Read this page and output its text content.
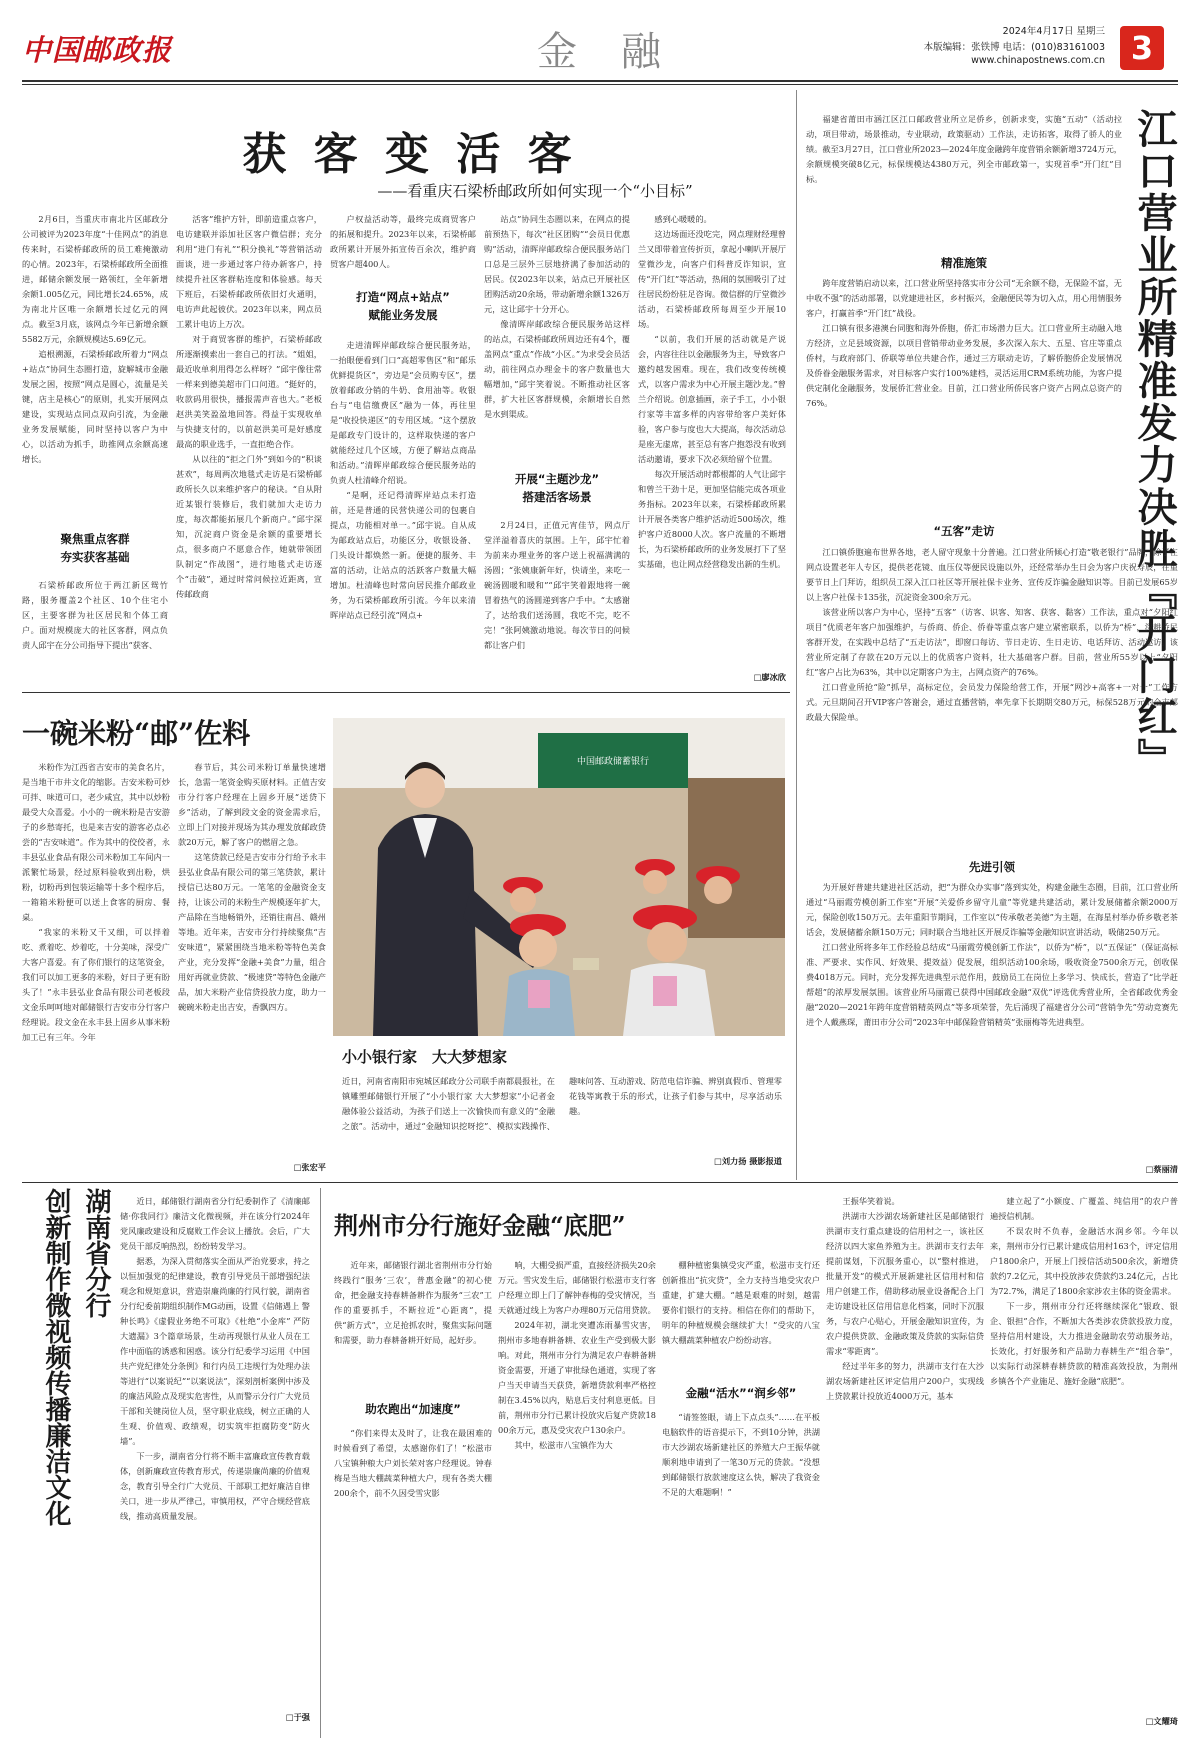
中国邮政报	金　融	2024年4月17日 星期三
本版编辑：张铁博 电话：(010)83161003
www.chinapostnews.com.cn 3
获 客 变 活 客
——看重庆石梁桥邮政所如何实现一个“小目标”

2月6日，当重庆市南北片区邮政分公司被评为2023年度“十佳网点”的消息传来时，石梁桥邮政所的员工难掩激动的心情。2023年，石梁桥邮政所全面推进，邮储余额发展一路领红，全年新增余额1.005亿元，同比增长24.65%，成为南北片区唯一余额增长过亿元的网点。截至3月底，该网点今年已新增余额5582万元，余额规模达5.69亿元。

追根溯源，石梁桥邮政所着力“网点+站点”协同生态圈打造，旋解城市金融发展之困，按照“网点是圆心，流量是关键，店主是核心”的原则，扎实开展网点建设，实现站点同点双向引流，为金融业务发展赋能，同时坚持以客户为中心，以活动为抓手，助推网点余额高速增长。

聚焦重点客群
夯实获客基础

石梁桥邮政所位于两江新区鸳竹路，服务覆盖2个社区、10个住宅小区，主要客群为社区居民和个体工商户。面对规模庞大的社区客群，网点负责人邱宇在分公司指导下提出“获客、

活客”维护方针，即前造重点客户，电访建联并添加社区客户微信群；充分利用“进门有礼”“积分换礼”等营销活动面谈，进一步通过客户待办新客户，持续提升社区客群粘连度和体验感。每天下班后，石梁桥邮政所依旧灯火通明，电访声此起彼伏。2023年以来，网点员工累计电访上万次。

对于商贸客群的维护，石梁桥邮政所逐渐摸索出一套自己的打法。“姐姐，最近收单利用得怎么样呀？”邱宇像往常一样来到德美超市门口问道。“挺好的，收款码用很快，播报需声音也大。”老板赵洪美笑盈盈地回答。得益于实现收单与快捷支付的，以前赵洪美可是好感度最高的职业选手，一直拒绝合作。

从以往的“拒之门外”到如今的“积谈甚欢”，每周两次地毯式走访是石梁桥邮政所长久以来维护客户的秘诀。“自从附近某银行装修后，我们就加大走访力度，每次都能拓展几个新商户。”邱宇深知，沉淀商户资金是余额的重要增长点，很多商户不愿意合作，她就带领团队制定“作战图”，进行地毯式走访逐个“击破”，通过时常问候拉近距离，宣传邮政商

户权益活动等，最终完成商贸客户的拓展和提升。2023年以来，石梁桥邮政所累计开展外拓宣传百余次，维护商贸客户超400人。

打造“网点+站点”
赋能业务发展

走进清晖岸邮政综合便民服务站，一抬眼便看到门口“高超零售区”和“邮乐优鲜提货区”，旁边是“会员购专区”，摆放着邮政分销的牛奶、食用油等。收银台与“电信缴费区”融为一体，再往里是“收投快递区”的专用区域。“这个摆放是邮政专门设计的，这样取快递的客户就能经过几个区域，方便了解站点商品和活动。”清晖岸邮政综合便民服务站的负责人杜清峰介绍说。

“是啊，还记得清晖岸站点未打造前，还是普通的民营快递公司的包裹自提点，功能相对单一。”邱宇说。自从成为邮政站点后，功能区分，收银设备、门头设计都焕然一新。便捷的服务、丰富的活动，让站点的活跃客户数量大幅增加。杜清峰也时常向居民推介邮政业务，为石梁桥邮政所引流。今年以来清晖岸站点已经引流“网点+

站点”协同生态圈以来，在网点的提前预热下，每次“社区团购”“会员日优惠购”活动，清晖岸邮政综合便民服务站门口总是三层外三层地挤满了参加活动的居民。仅2023年以来，站点已开展社区团购活动20余场，带动新增余额1326万元，这让邱宇十分开心。

像清晖岸邮政综合便民服务站这样的站点，石梁桥邮政所周边还有4个，覆盖网点“重点”作战“小区。”为求受会员活动，前往网点办理金卡的客户数量也大幅增加，”邱宇笑着说。不断推动社区客群，扩大社区客群规模，余额增长自然是水到渠成。

开展“主题沙龙”
搭建活客场景

2月24日，正值元宵佳节，网点厅堂洋溢着喜庆的氛围。上午，邱宇忙着为前来办理业务的客户送上祝福满满的汤圆；“张姨康新年好，快请坐，来吃一碗汤圆暖和暖和”“邱宇笑着跟地将一碗冒着热气的汤圆递到客户手中。“太感谢了，达给我们送汤圆，我吃不完，吃不完！”张阿姨激动地说。每次节日的问候都让客户们

感到心暖暖的。

这边场面还没吃完，网点理财经理曾兰又即带着宣传折页，拿起小喇叭开展厅堂微沙龙，向客户们科普反诈知识，宣传“开门红”等活动，热闹的氛围吸引了过往居民纷纷驻足咨询。微信群的厅堂微沙活动，石梁桥邮政所每周至少开展10场。

“以前，我们开展的活动就是产说会，内容往往以金融服务为主，导致客户邀约越发困难。现在，我们改变传统模式，以客户需求为中心开展主题沙龙。”曾兰介绍说。创意插画，亲子手工，小小银行家等丰富多样的内容带给客户美好体验，客户参与度也大大提高，每次活动总是座无虚席，甚至总有客户抱怨没有收到活动邀请，要求下次必须给留个位置。

每次开展活动时都根都的人气让邱宇和曾兰干劲十足，更加坚信能完成各项业务指标。2023年以来，石梁桥邮政所累计开展各类客户维护活动近500场次，维护客户近8000人次。客户流量的不断增长，为石梁桥邮政所的业务发展打下了坚实基础，也让网点经营稳发出新的生机。

□廖冰欣	江口营业所精准发力决胜『开门红』

福建省莆田市涵江区江口邮政营业所立足侨乡，创新求变，实施“五动”（活动拉动，项目带动，场景推动，专业联动，政策驱动）工作法，走访拓客，取得了骄人的业绩。截至3月27日，江口营业所2023—2024年度金融跨年度营销余额新增3724万元，余额规模突破8亿元，标保规模达4380万元，列全市邮政第一，实现首季“开门红”目标。

精准施策

跨年度营销启动以来，江口营业所坚持落实市分公司“无余额不稳，无保险不富，无中收不强”的活动部署，以党建进社区，乡村振兴，金融便民等为切入点，用心用情服务客户，打赢首季“开门红”战役。

江口镇有很多港澳台同胞和海外侨胞，侨汇市场潜力巨大。江口营业所主动融入地方经济，立足县域资源，以项目营销带动业务发展，多次深入东大、五星、官庄等重点侨村，与政府部门、侨联等单位共建合作，通过三方联动走访，了解侨胞侨企发展情况及侨眷金融服务需求，对目标客户实行100%建档，灵活运用CRM系统功能，为客户提供定制化金融服务，发展侨汇营业金。目前，江口营业所侨民客户资产占网点总资产的76%。

“五客”走访

江口镇侨胞遍布世界各地，老人留守现象十分普遍。江口营业所倾心打造“敬老银行”品牌，除了在网点设置老年人专区，提供老花镜、血压仪等便民设施以外，还经常举办生日会为客户庆祝寿辰，在重要节日上门拜访，组织员工深入江口社区等开展社保卡业务、宣传反诈骗金融知识等。目前已发展65岁以上客户社保卡135张，沉淀资金300余万元。

该营业所以客户为中心，坚持“五客”（访客、识客、知客、获客、黏客）工作法，重点对“夕阳红项目”优质老年客户加强维护，与侨商、侨企、侨眷等重点客户建立紧密联系，以侨为“桥”，深耕侨民客群开发，在实践中总结了“五走访法”，即窗口每访、节日走访、生日走访、电话拜访、活动邀访。该营业所定制了存款在20万元以上的优质客户资料，壮大基础客户群。目前，营业所55岁以上“夕阳红”客户占比为63%，其中以定期客户为主，占网点资产的76%。

江口营业所抢“险”抓早，高标定位，会员发力保险给营工作，开展“网沙+高客+一对一”工作方式。元旦期间召开VIP客户答谢会，通过直播营销，率先拿下长期期交80万元，标保528万元的全市邮政最大保险单。

先进引领

为开展好普建共建进社区活动，把“为群众办实事”落到实处，构建金融生态圈，目前，江口营业所通过“马丽霞劳模创新工作室”开展“关爱侨乡留守儿童”等党建共建活动，累计发展储蓄余额2000万元，保险创收150万元。去年重阳节期间，工作室以“传承敬老美德”为主题，在海星村举办侨乡敬老茶话会，发展储蓄余额150万元；同时联合当地社区开展反诈骗等金融知识宣讲活动，吸储250万元。

江口营业所将多年工作经验总结成“马丽霞劳模创新工作法”，以侨为“桥”，以“五保证”（保证高标准、严要求、实作风、好效果、提效益）促发展，组织活动100余场，吸收资金7500余万元，创收保费4018万元。同时，充分发挥先进典型示范作用，鼓励员工在岗位上多学习、快成长，营造了“比学赶帮超”的浓厚发展氛围。该营业所马丽霞已获得中国邮政金融“双优”评选优秀营业所，全省邮政优秀金融“2020—2021年跨年度营销精英网点”等多项荣誉，先后涌现了福建省分公司“营销争先”劳动竞赛先进个人戴燕琛，莆田市分公司“2023年中邮保险营销精英”张丽梅等先进典型。

□蔡丽清
一碗米粉“邮”佐料

米粉作为江西省吉安市的美食名片，是当地干市井文化的缩影。吉安米粉可炒可拌、味道可口，老少咸宜，其中以炒粉最受大众喜爱。小小的一碗米粉是吉安游子的乡愁寄托，也是来吉安的游客必点必尝的“吉安味道”。作为其中的佼佼者，永丰县弘业食品有限公司米粉加工车间内一派繁忙场景，经过原料验收到出粉，烘粉，切粉再到包装运输等十多个程序后，一箱箱米粉便可以送上食客的厨房、餐桌。

“我家的米粉又干又细，可以拌着吃、煮着吃、炒着吃，十分美味，深受广大客户喜爱。有了你们银行的这笔资金，我们可以加工更多的米粉，好日子更有盼头了！”永丰县弘业食品有限公司老板段文金乐呵呵地对邮储银行吉安市分行客户经理说。段文金在永丰县上固乡从事米粉加工已有三年。今年

春节后，其公司米粉订单量快速增长，急需一笔资金购买原材料。正值吉安市分行客户经理在上固乡开展“送贷下乡”活动，了解到段文金的资金需求后，立即上门对接并现场为其办理发放邮政贷款20万元，解了客户的燃眉之急。

这笔贷款已经是吉安市分行给予永丰县弘业食品有限公司的第三笔贷款，累计授信已达80万元。一笔笔的金融资金支持，让该公司的米粉生产规模逐年扩大，产品除在当地畅销外，还销往南昌、赣州等地。近年来，吉安市分行持续聚焦“吉安味道”，紧紧围绕当地米粉等特色美食产业，充分发挥“金融+美食”力量，组合用好再就业贷款、“极速贷”等特色金融产品，加大米粉产业信贷投放力度，助力一碗碗米粉走出吉安，香飘四方。

□张宏平
中国邮政储蓄银行
小小银行家　大大梦想家
近日，河南省南阳市宛城区邮政分公司联手南都晨报社，在镇雕塑邮储银行开展了“小小银行家 大大梦想家”小记者金融体验公益活动，为孩子们送上一次愉快而有意义的“金融之旅”。活动中，通过“金融知识挖呀挖”、模拟实践操作、趣味问答、互动游戏、防范电信诈骗、辨别真假币、管理零花钱等寓教于乐的形式，让孩子们参与其中，尽享活动乐趣。
□刘力扬 摄影报道
湖南省分行
创新制作微视频传播廉洁文化	近日，邮储银行湖南省分行纪委制作了《清廉邮储·你我同行》廉洁文化微视频，并在该分行2024年党风廉政建设和反腐败工作会议上播放。会后，广大党员干部反响热烈，纷纷转发学习。

据悉，为深入贯彻落实全面从严治党要求，持之以恒加强党的纪律建设，教育引导党员干部增强纪法观念和规矩意识，营造崇廉尚廉的行风行貌，湖南省分行纪委前期组织制作MG动画，设置《信储遇上 警种长鸣》《虚假业务绝不可取》《杜绝“小金库” 严防大遗漏》3个篇章场景，生动再现银行从业人员在工作中面临的诱惑和困惑。该分行纪委学习运用《中国共产党纪律处分条例》和行内员工违规行为处理办法等进行“以案说纪”“以案说法”，深刻剖析案例中涉及的廉洁风险点及现实危害性，从而警示分行广大党员干部和关键岗位人员，坚守职业底线，树立正确的人生观、价值观、政绩观，切实筑牢拒腐防变“防火墙”。

下一步，湖南省分行将不断丰富廉政宣传教育载体，创新廉政宣传教育形式，传递崇廉尚廉的价值观念，教育引导全行广大党员、干部职工把好廉洁自律关口，进一步从严律己，审慎用权，严守合规经营底线，推动高质量发展。

□于强
荆州市分行施好金融“底肥”

近年来，邮储银行湖北省荆州市分行始终践行“服务‘三农’，普惠金融”的初心使命，把金融支持春耕备耕作为服务“三农”工作的重要抓手，不断拉近“心距离”，提供“新方式”，立足抢抓农时，聚焦实际问题和需要，助力春耕备耕开好局，起好步。

助农跑出“加速度”

“你们来得太及时了，让我在最困难的时候看到了希望，太感谢你们了！”松滋市八宝镇种粮大户刘长荣对客户经理说。钟春梅是当地大棚蔬菜种植大户，现有各类大棚200余个，前不久因受雪灾影

响，大棚受损严重，直接经济损失20余万元。雪灾发生后，邮储银行松滋市支行客户经理立即上门了解钟春梅的受灾情况，当天就通过线上为客户办理80万元信用贷款。

2024年初，湖北突遭冻雨暴雪灾害，荆州市多地春耕备耕、农业生产受到极大影响。对此，荆州市分行为满足农户春耕备耕资金需要，开通了审批绿色通道，实现了客户当天申请当天获贷，新增贷款利率严格控制在3.45%以内，贴息后支付利息更低。目前，荆州市分行已累计投放灾后复产贷款1800余万元，惠及受灾农户130余户。

其中，松滋市八宝镇作为大

棚种植密集镇受灾严重，松滋市支行还创新推出“抗灾贷”，全力支持当地受灾农户重建，扩建大棚。“越是艰难的时刻，越需要你们银行的支持。相信在你们的帮助下，明年的种植规模会继续扩大！”受灾的八宝镇大棚蔬菜种植农户纷纷动容。

金融“活水”“润乡邻”

“请签签眼，请上下点点头”……在平板电脑软件的语音提示下，不到10分钟，洪湖市大沙湖农场新建社区的养殖大户王振华就顺利地申请到了一笔30万元的贷款。“没想到邮储银行放款速度这么快，解决了我资金不足的大难题啊！”

王振华笑着说。

洪湖市大沙湖农场新建社区是邮储银行洪湖市支行重点建设的信用村之一，该社区经济以四大家鱼养殖为主。洪湖市支行去年提前谋划，下沉服务重心，以“整村推进，批量开发”的模式开展新建社区信用村和信用户创建工作，借助移动展业设备配合上门走访建设社区信用信息化档案，同时下沉服务，与农户心贴心，开展金融知识宣传，为农户提供贷款、金融政策及贷款的实际信贷需求“零距离”。

经过半年多的努力，洪湖市支行在大沙湖农场新建社区评定信用户200户，实现线上贷款累计投放近4000万元，基本

建立起了“小额度、广覆盖、纯信用”的农户普遍授信机制。

不误农时不负春，金融活水润乡邻。今年以来，荆州市分行已累计建成信用村163个，评定信用户1800余户，开展上门授信活动500余次，新增贷款约7.2亿元，其中投放涉农贷款约3.24亿元，占比为72.7%，满足了1800余家涉农主体的资金需求。

下一步，荆州市分行还将继续深化“银政、银企、银担”合作，不断加大各类涉农贷款投放力度，坚持信用村建设，大力推进金融助农劳动服务站，长效化，打好服务和产品助力春耕生产“组合拳”，以实际行动深耕春耕贷款的精准高效投放，为荆州乡镇各个产业施足、施好金融“底肥”。

□文耀琦
